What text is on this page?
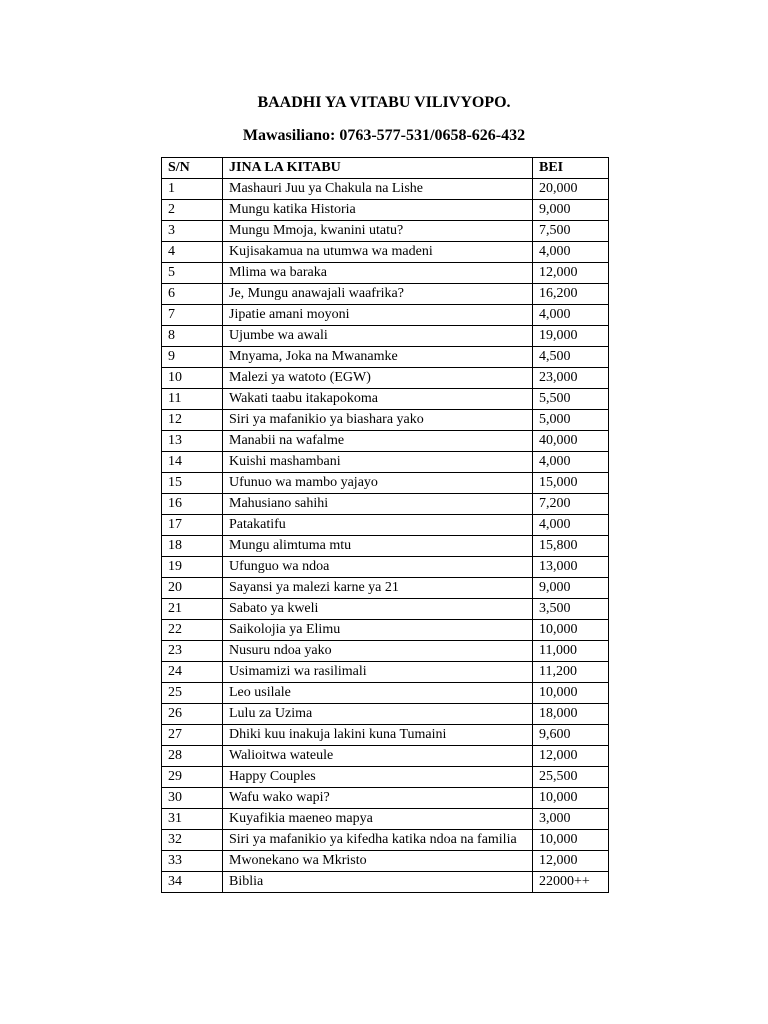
BAADHI YA VITABU VILIVYOPO.
Mawasiliano: 0763-577-531/0658-626-432
S/N	JINA LA KITABU	BEI
1	Mashauri Juu ya Chakula na Lishe	20,000
2	Mungu katika Historia	9,000
3	Mungu Mmoja, kwanini utatu?	7,500
4	Kujisakamua na utumwa wa madeni	4,000
5	Mlima wa baraka	12,000
6	Je, Mungu anawajali waafrika?	16,200
7	Jipatie amani moyoni	4,000
8	Ujumbe wa awali	19,000
9	Mnyama, Joka na Mwanamke	4,500
10	Malezi ya watoto (EGW)	23,000
11	Wakati taabu itakapokoma	5,500
12	Siri ya mafanikio ya biashara yako	5,000
13	Manabii na wafalme	40,000
14	Kuishi mashambani	4,000
15	Ufunuo wa mambo yajayo	15,000
16	Mahusiano sahihi	7,200
17	Patakatifu	4,000
18	Mungu alimtuma mtu	15,800
19	Ufunguo wa ndoa	13,000
20	Sayansi ya malezi karne ya 21	9,000
21	Sabato ya kweli	3,500
22	Saikolojia ya Elimu	10,000
23	Nusuru ndoa yako	11,000
24	Usimamizi wa rasilimali	11,200
25	Leo usilale	10,000
26	Lulu za Uzima	18,000
27	Dhiki kuu inakuja lakini kuna Tumaini	9,600
28	Walioitwa wateule	12,000
29	Happy Couples	25,500
30	Wafu wako wapi?	10,000
31	Kuyafikia maeneo mapya	3,000
32	Siri ya mafanikio ya kifedha katika ndoa na familia	10,000
33	Mwonekano wa Mkristo	12,000
34	Biblia	22000++
